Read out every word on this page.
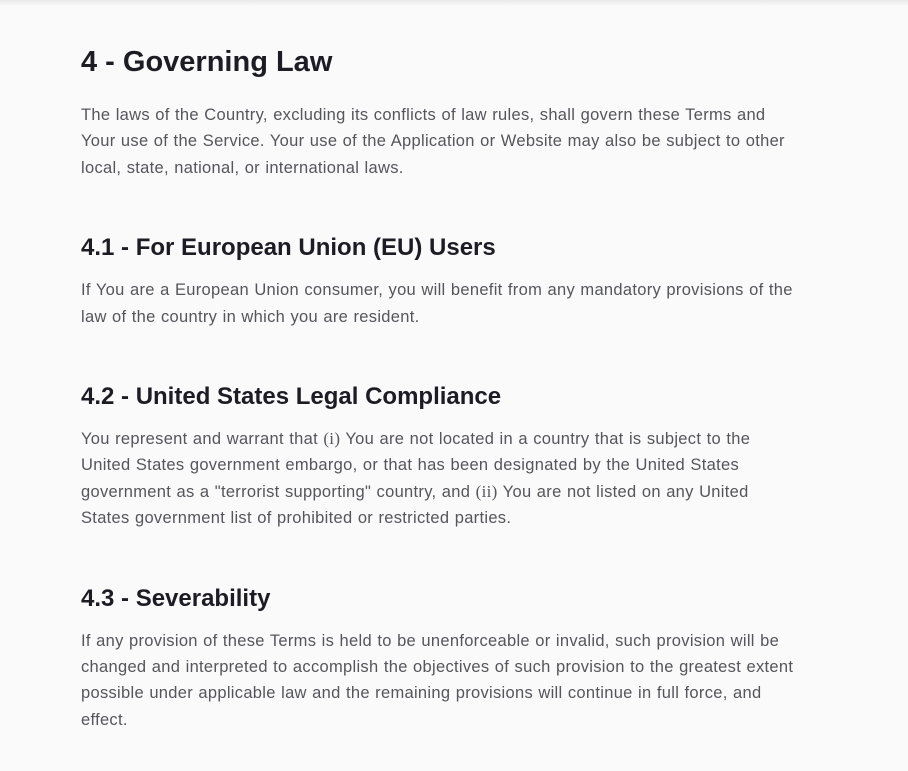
4 - Governing Law

The laws of the Country, excluding its conflicts of law rules, shall govern these Terms and Your use of the Service. Your use of the Application or Website may also be subject to other local, state, national, or international laws.

4.1 - For European Union (EU) Users

If You are a European Union consumer, you will benefit from any mandatory provisions of the law of the country in which you are resident.

4.2 - United States Legal Compliance

You represent and warrant that (i) You are not located in a country that is subject to the United States government embargo, or that has been designated by the United States government as a "terrorist supporting" country, and (ii) You are not listed on any United States government list of prohibited or restricted parties.

4.3 - Severability

If any provision of these Terms is held to be unenforceable or invalid, such provision will be changed and interpreted to accomplish the objectives of such provision to the greatest extent possible under applicable law and the remaining provisions will continue in full force, and effect.
